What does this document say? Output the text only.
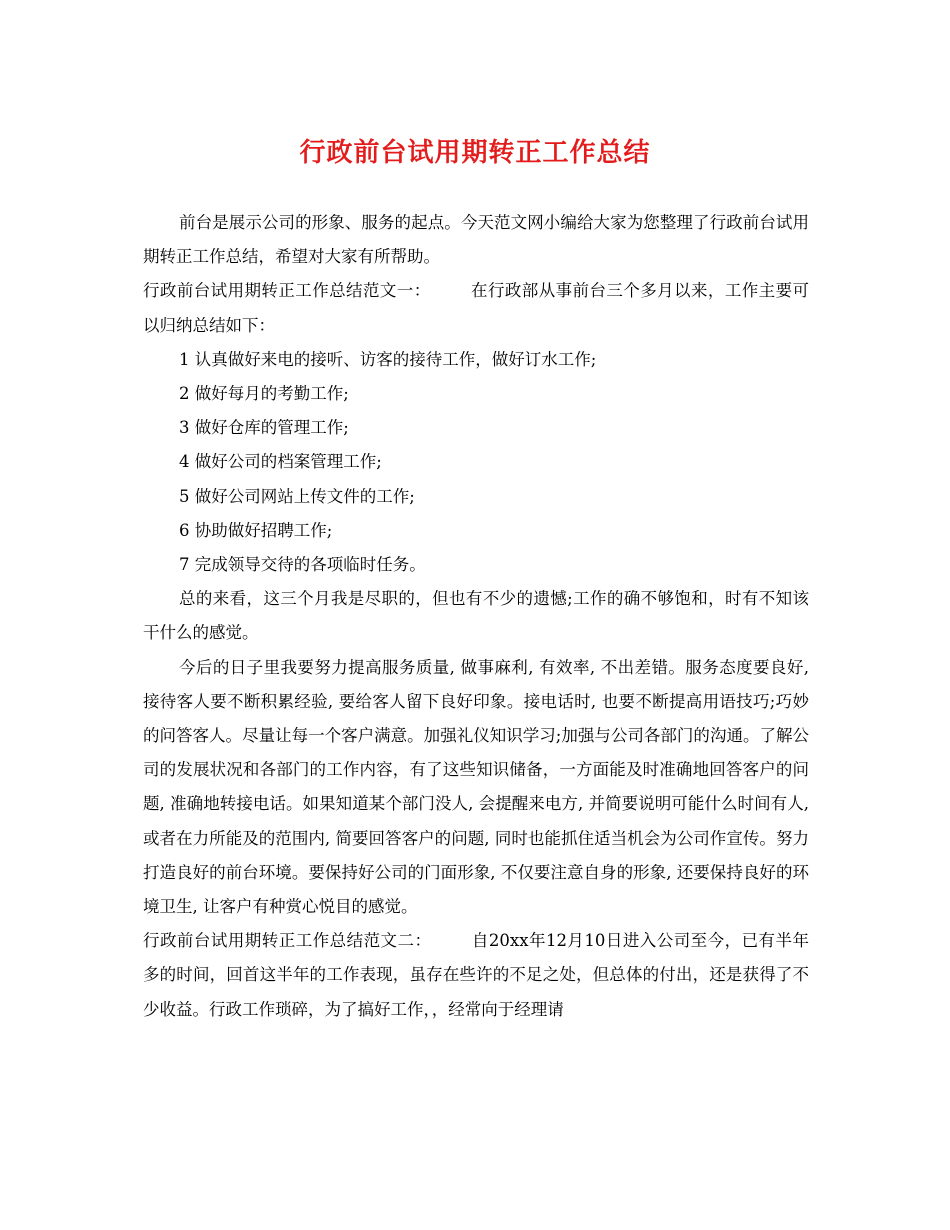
行政前台试用期转正工作总结

前台是展示公司的形象、服务的起点。今天范文网小编给大家为您整理了行政前台试用期转正工作总结，希望对大家有所帮助。

行政前台试用期转正工作总结范文一： 在行政部从事前台三个多月以来，工作主要可以归纳总结如下：

1 认真做好来电的接听、访客的接待工作，做好订水工作;

2 做好每月的考勤工作;

3 做好仓库的管理工作;

4 做好公司的档案管理工作;

5 做好公司网站上传文件的工作;

6 协助做好招聘工作;

7 完成领导交待的各项临时任务。

总的来看，这三个月我是尽职的，但也有不少的遗憾;工作的确不够饱和，时有不知该干什么的感觉。

今后的日子里我要努力提高服务质量, 做事麻利, 有效率, 不出差错。服务态度要良好, 接待客人要不断积累经验, 要给客人留下良好印象。接电话时, 也要不断提高用语技巧;巧妙的问答客人。尽量让每一个客户满意。加强礼仪知识学习;加强与公司各部门的沟通。了解公司的发展状况和各部门的工作内容，有了这些知识储备，一方面能及时准确地回答客户的问题, 准确地转接电话。如果知道某个部门没人, 会提醒来电方, 并简要说明可能什么时间有人, 或者在力所能及的范围内, 简要回答客户的问题, 同时也能抓住适当机会为公司作宣传。努力打造良好的前台环境。要保持好公司的门面形象, 不仅要注意自身的形象, 还要保持良好的环境卫生, 让客户有种赏心悦目的感觉。

行政前台试用期转正工作总结范文二： 自20xx年12月10日进入公司至今，已有半年多的时间，回首这半年的工作表现，虽存在些许的不足之处，但总体的付出，还是获得了不少收益。行政工作琐碎，为了搞好工作，，经常向于经理请
